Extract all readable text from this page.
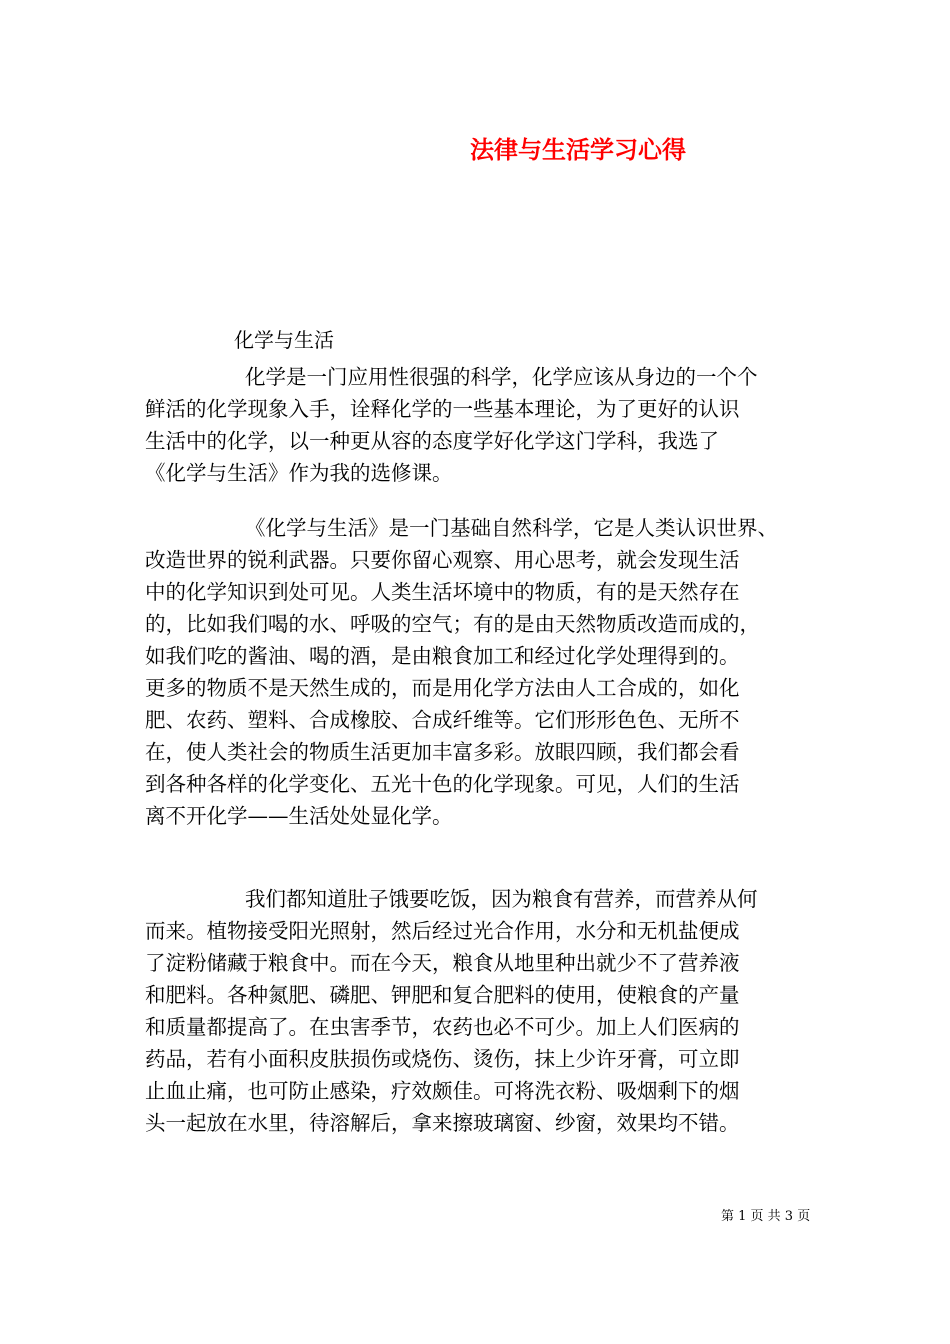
法律与生活学习心得
化学与生活
化学是一门应用性很强的科学，化学应该从身边的一个个
鲜活的化学现象入手，诠释化学的一些基本理论，为了更好的认识
生活中的化学，以一种更从容的态度学好化学这门学科，我选了
《化学与生活》作为我的选修课。
《化学与生活》是一门基础自然科学，它是人类认识世界、
改造世界的锐利武器。只要你留心观察、用心思考，就会发现生活
中的化学知识到处可见。人类生活坏境中的物质，有的是天然存在
的，比如我们喝的水、呼吸的空气；有的是由天然物质改造而成的，
如我们吃的酱油、喝的酒，是由粮食加工和经过化学处理得到的。
更多的物质不是天然生成的，而是用化学方法由人工合成的，如化
肥、农药、塑料、合成橡胶、合成纤维等。它们形形色色、无所不
在，使人类社会的物质生活更加丰富多彩。放眼四顾，我们都会看
到各种各样的化学变化、五光十色的化学现象。可见，人们的生活
离不开化学——生活处处显化学。
我们都知道肚子饿要吃饭，因为粮食有营养，而营养从何
而来。植物接受阳光照射，然后经过光合作用，水分和无机盐便成
了淀粉储藏于粮食中。而在今天，粮食从地里种出就少不了营养液
和肥料。各种氮肥、磷肥、钾肥和复合肥料的使用，使粮食的产量
和质量都提高了。在虫害季节，农药也必不可少。加上人们医病的
药品，若有小面积皮肤损伤或烧伤、烫伤，抹上少许牙膏，可立即
止血止痛，也可防止感染，疗效颇佳。可将洗衣粉、吸烟剩下的烟
头一起放在水里，待溶解后，拿来擦玻璃窗、纱窗，效果均不错。
第 1 页 共 3 页
